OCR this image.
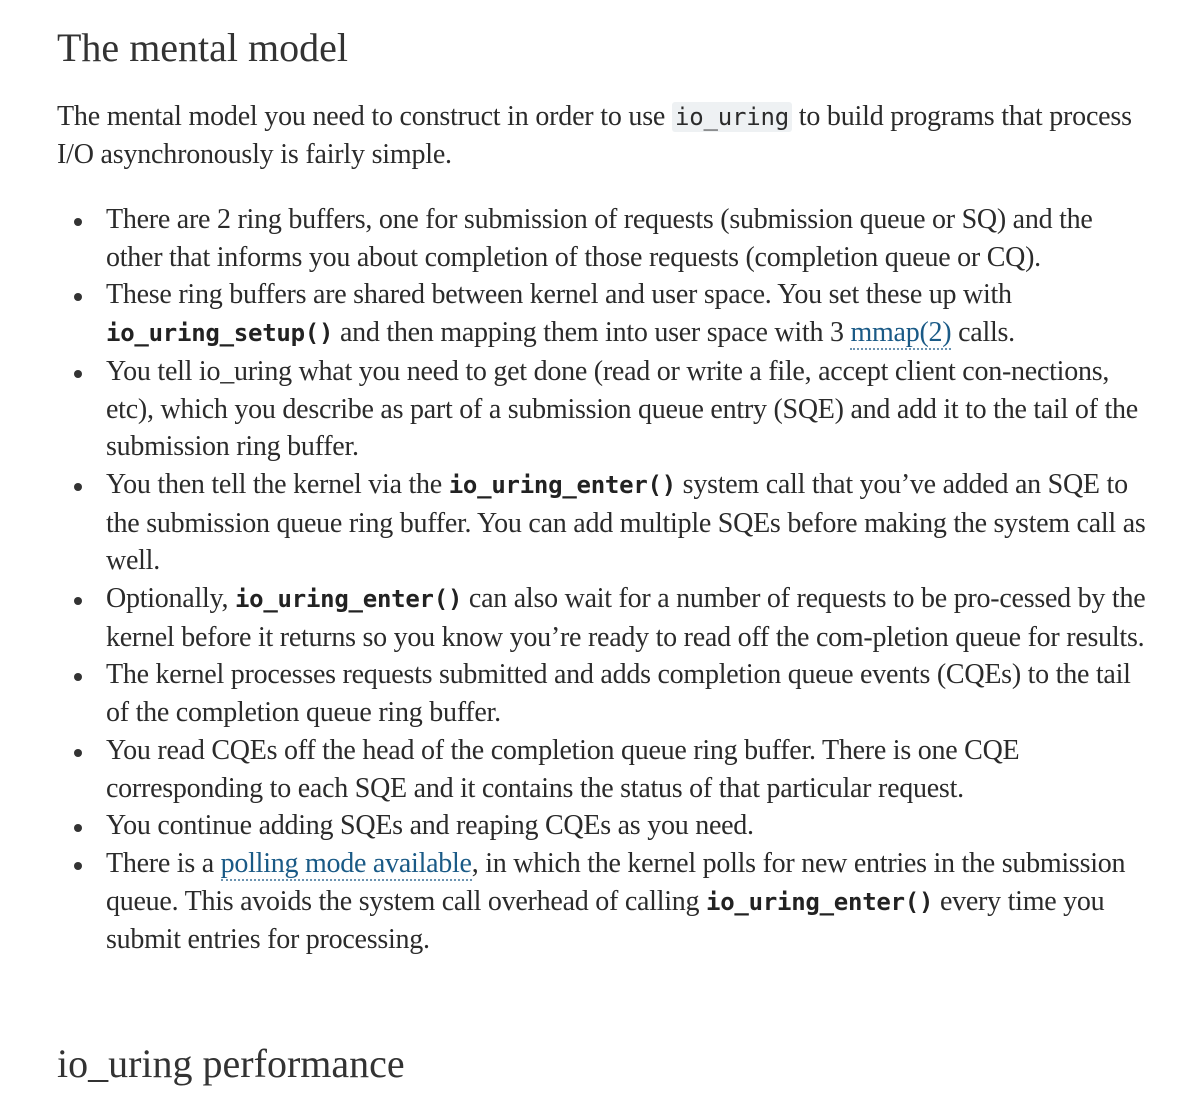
The mental model

The mental model you need to construct in order to use io_uring to build programs that process I/O asynchronously is fairly simple.

There are 2 ring buffers, one for submission of requests (submission queue or SQ) and the other that informs you about completion of those requests (completion queue or CQ).
These ring buffers are shared between kernel and user space. You set these up with io_uring_setup() and then mapping them into user space with 3 mmap(2) calls.
You tell io_uring what you need to get done (read or write a file, accept client con-nections, etc), which you describe as part of a submission queue entry (SQE) and add it to the tail of the submission ring buffer.
You then tell the kernel via the io_uring_enter() system call that you’ve added an SQE to the submission queue ring buffer. You can add multiple SQEs before making the system call as well.
Optionally, io_uring_enter() can also wait for a number of requests to be pro-cessed by the kernel before it returns so you know you’re ready to read off the com-pletion queue for results.
The kernel processes requests submitted and adds completion queue events (CQEs) to the tail of the completion queue ring buffer.
You read CQEs off the head of the completion queue ring buffer. There is one CQE corresponding to each SQE and it contains the status of that particular request.
You continue adding SQEs and reaping CQEs as you need.
There is a polling mode available, in which the kernel polls for new entries in the submission queue. This avoids the system call overhead of calling io_uring_enter() every time you submit entries for processing.
io_uring performance
